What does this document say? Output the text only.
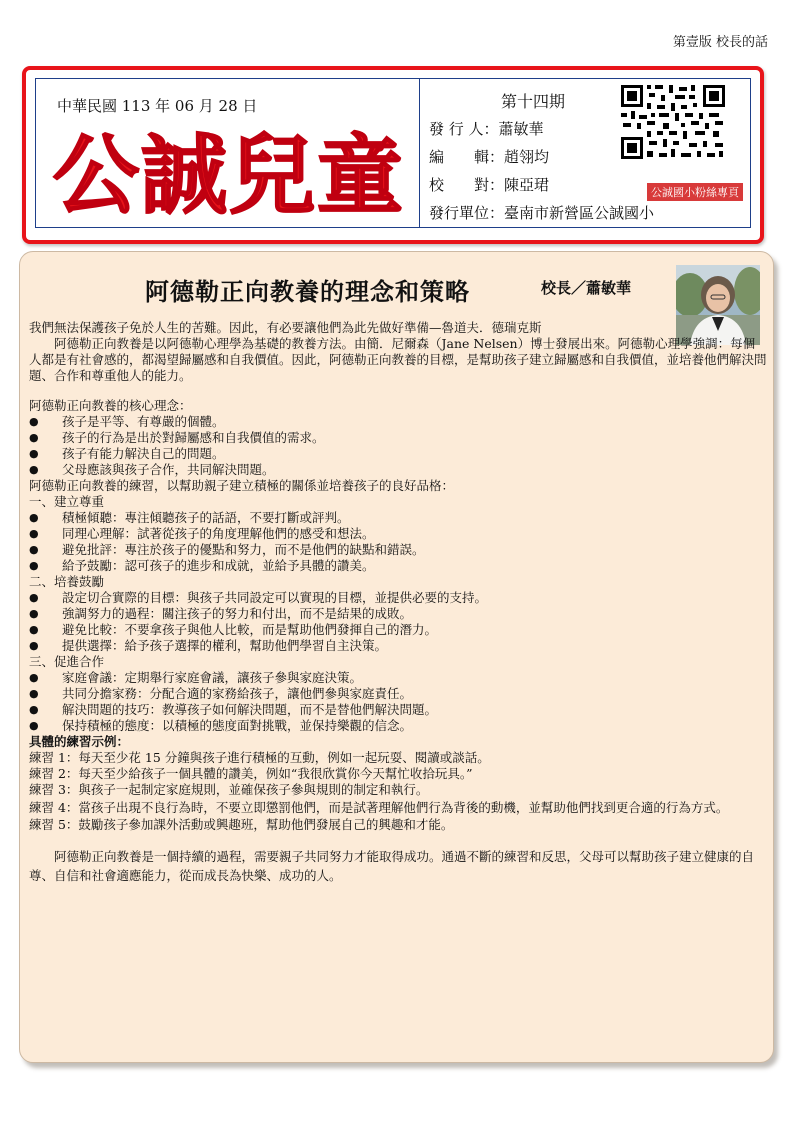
第壹版 校長的話
中華民國 113 年 06 月 28 日
公誠兒童
第十四期
發 行 人：蕭敏華
編　　輯：趙翎均
校　　對：陳亞珺
發行單位：臺南市新營區公誠國小
公誠國小粉絲專頁
阿德勒正向教養的理念和策略	校長／蕭敏華

我們無法保護孩子免於人生的苦難。因此，有必要讓他們為此先做好準備—魯道夫．德瑞克斯

阿德勒正向教養是以阿德勒心理學為基礎的教養方法。由簡．尼爾森（Jane Nelsen）博士發展出來。阿德勒心理學強調：每個人都是有社會感的，都渴望歸屬感和自我價值。因此，阿德勒正向教養的目標，是幫助孩子建立歸屬感和自我價值，並培養他們解決問題、合作和尊重他人的能力。

阿德勒正向教養的核心理念：

● 孩子是平等、有尊嚴的個體。
● 孩子的行為是出於對歸屬感和自我價值的需求。
● 孩子有能力解決自己的問題。
● 父母應該與孩子合作，共同解決問題。

阿德勒正向教養的練習，以幫助親子建立積極的關係並培養孩子的良好品格：

一、建立尊重

● 積極傾聽：專注傾聽孩子的話語，不要打斷或評判。
● 同理心理解：試著從孩子的角度理解他們的感受和想法。
● 避免批評：專注於孩子的優點和努力，而不是他們的缺點和錯誤。
● 給予鼓勵：認可孩子的進步和成就，並給予具體的讚美。

二、培養鼓勵

● 設定切合實際的目標：與孩子共同設定可以實現的目標，並提供必要的支持。
● 強調努力的過程：關注孩子的努力和付出，而不是結果的成敗。
● 避免比較：不要拿孩子與他人比較，而是幫助他們發揮自己的潛力。
● 提供選擇：給予孩子選擇的權利，幫助他們學習自主決策。

三、促進合作

● 家庭會議：定期舉行家庭會議，讓孩子參與家庭決策。
● 共同分擔家務：分配合適的家務給孩子，讓他們參與家庭責任。
● 解決問題的技巧：教導孩子如何解決問題，而不是替他們解決問題。
● 保持積極的態度：以積極的態度面對挑戰，並保持樂觀的信念。

具體的練習示例：

練習 1：每天至少花 15 分鐘與孩子進行積極的互動，例如一起玩耍、閱讀或談話。

練習 2：每天至少給孩子一個具體的讚美，例如“我很欣賞你今天幫忙收拾玩具。”

練習 3：與孩子一起制定家庭規則，並確保孩子參與規則的制定和執行。

練習 4：當孩子出現不良行為時，不要立即懲罰他們，而是試著理解他們行為背後的動機，並幫助他們找到更合適的行為方式。

練習 5：鼓勵孩子參加課外活動或興趣班，幫助他們發展自己的興趣和才能。

阿德勒正向教養是一個持續的過程，需要親子共同努力才能取得成功。通過不斷的練習和反思，父母可以幫助孩子建立健康的自尊、自信和社會適應能力，從而成長為快樂、成功的人。
